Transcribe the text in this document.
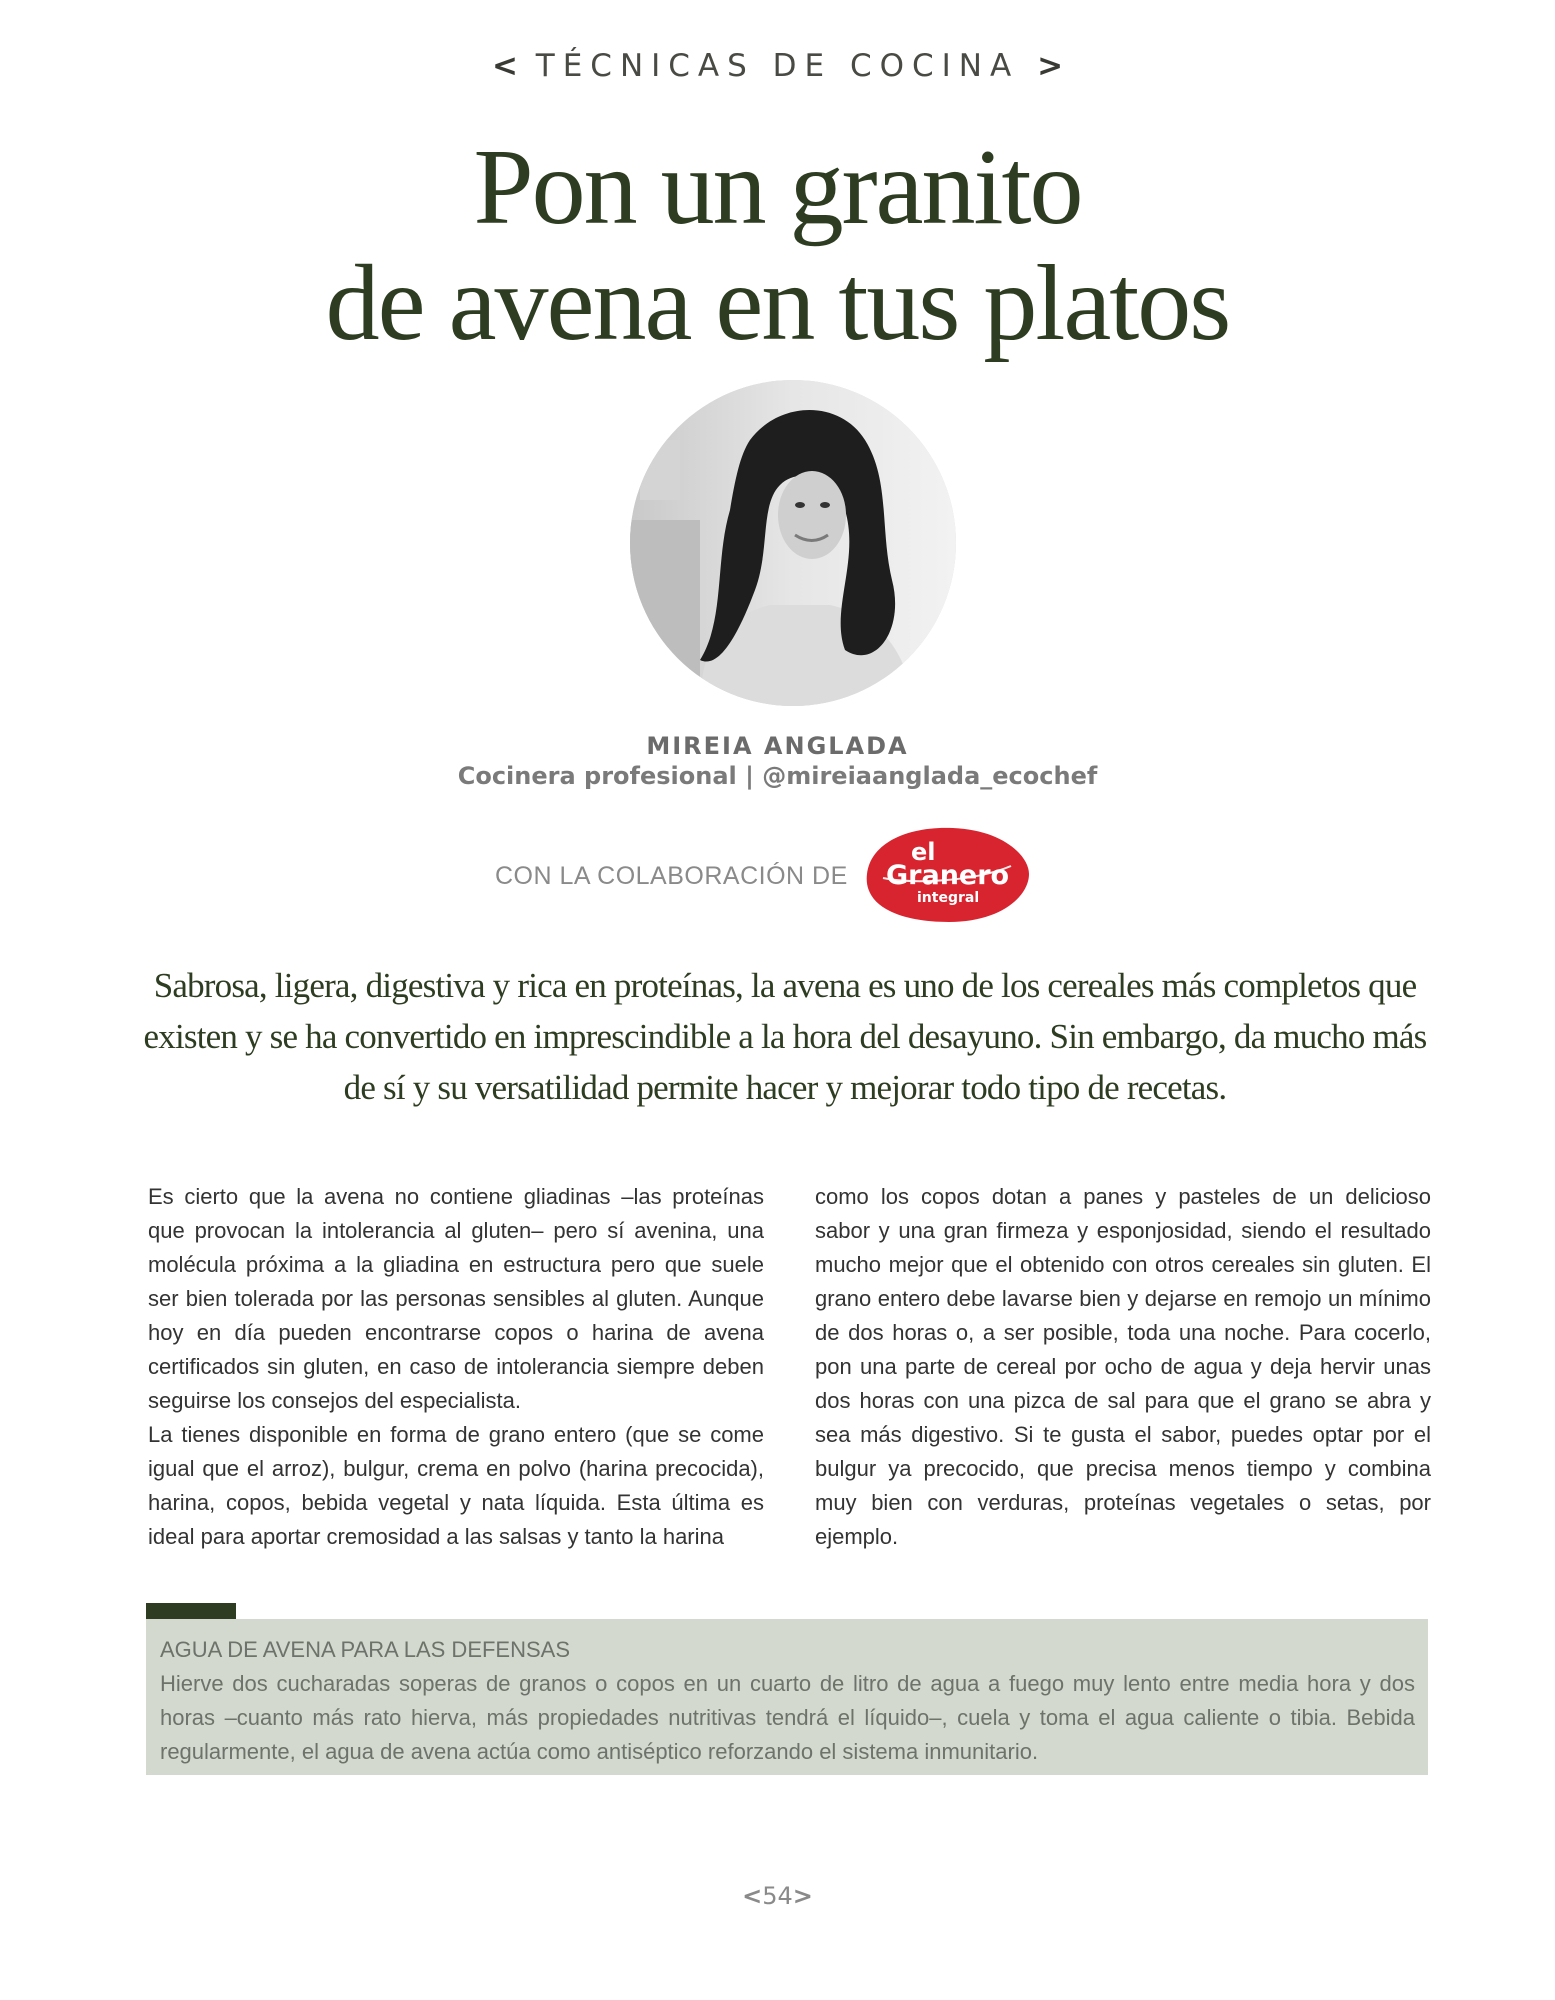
< TÉCNICAS DE COCINA >
Pon un granito
de avena en tus platos
MIREIA ANGLADA
Cocinera profesional | @mireiaanglada_ecochef
CON LA COLABORACIÓN DE
el
Granero
integral
Sabrosa, ligera, digestiva y rica en proteínas, la avena es uno de los cereales más completos que existen y se ha convertido en imprescindible a la hora del desayuno. Sin embargo, da mucho más de sí y su versatilidad permite hacer y mejorar todo tipo de recetas.

Es cierto que la avena no contiene gliadinas –las proteínas que provocan la intolerancia al gluten– pero sí avenina, una molécula próxima a la gliadina en estructura pero que suele ser bien tolerada por las personas sensibles al gluten. Aunque hoy en día pueden encontrarse copos o harina de avena certificados sin gluten, en caso de intolerancia siempre deben seguirse los consejos del especialista.

La tienes disponible en forma de grano entero (que se come igual que el arroz), bulgur, crema en polvo (harina precocida), harina, copos, bebida vegetal y nata líquida. Esta última es ideal para aportar cremosidad a las salsas y tanto la harina

como los copos dotan a panes y pasteles de un delicioso sabor y una gran firmeza y esponjosidad, siendo el resultado mucho mejor que el obtenido con otros cereales sin gluten. El grano entero debe lavarse bien y dejarse en remojo un mínimo de dos horas o, a ser posible, toda una noche. Para cocerlo, pon una parte de cereal por ocho de agua y deja hervir unas dos horas con una pizca de sal para que el grano se abra y sea más digestivo. Si te gusta el sabor, puedes optar por el bulgur ya precocido, que precisa menos tiempo y combina muy bien con verduras, proteínas vegetales o setas, por ejemplo.

AGUA DE AVENA PARA LAS DEFENSAS

Hierve dos cucharadas soperas de granos o copos en un cuarto de litro de agua a fuego muy lento entre media hora y dos horas –cuanto más rato hierva, más propiedades nutritivas tendrá el líquido–, cuela y toma el agua caliente o tibia. Bebida regularmente, el agua de avena actúa como antiséptico reforzando el sistema inmunitario.

<54>
